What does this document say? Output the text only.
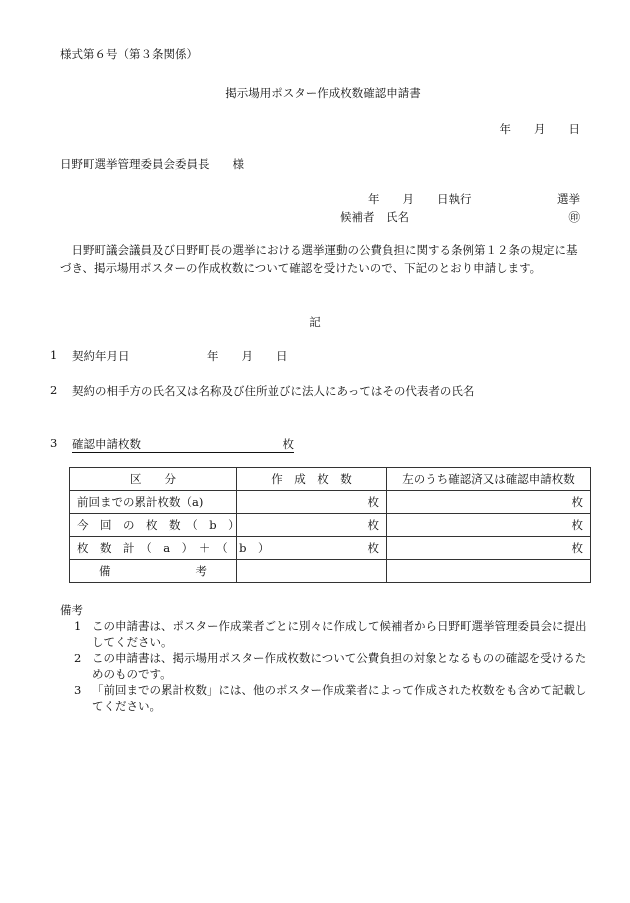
様式第６号（第３条関係）
掲示場用ポスター作成枚数確認申請書
年　　月　　日
日野町選挙管理委員会委員長　　様
年　　月　　日執行	選挙
候補者　氏名	㊞
日野町議会議員及び日野町長の選挙における選挙運動の公費負担に関する条例第１２条の規定に基づき、掲示場用ポスターの作成枚数について確認を受けたいので、下記のとおり申請します。
記
1 契約年月日	年　　月　　日
2 契約の相手方の氏名又は名称及び住所並びに法人にあってはその代表者の氏名
3 確認申請枚数	枚
区　　分	作　成　枚　数	左のうち確認済又は確認申請枚数
前回までの累計枚数（a)	枚	枚
今　回　の　枚　数　（　b　）	枚	枚
枚　数　計　（　a　）　＋　（　b　）	枚	枚
備 考		

備考

1 この申請書は、ポスター作成業者ごとに別々に作成して候補者から日野町選挙管理委員会に提出してください。

2 この申請書は、掲示場用ポスター作成枚数について公費負担の対象となるものの確認を受けるためのものです。

3 「前回までの累計枚数」には、他のポスター作成業者によって作成された枚数をも含めて記載してください。
